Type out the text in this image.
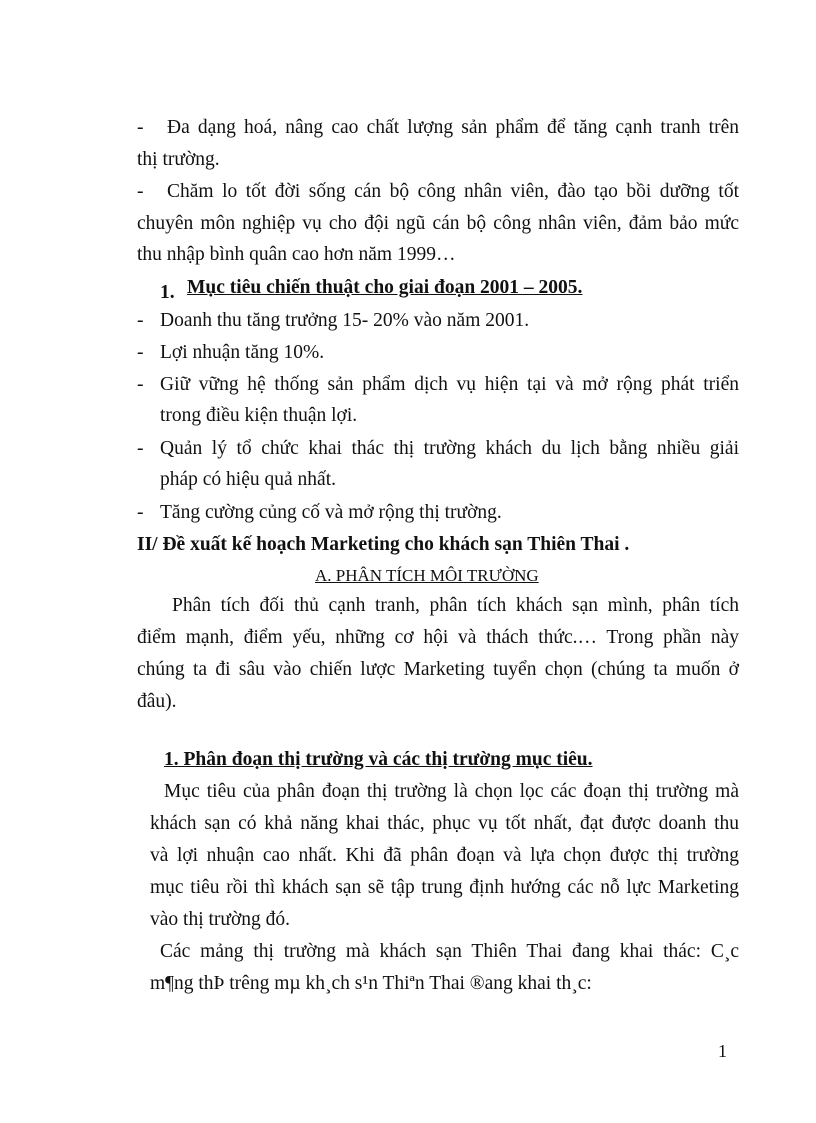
- Đa dạng hoá, nâng cao chất lượng sản phẩm để tăng cạnh tranh trên
thị trường.
- Chăm lo tốt đời sống cán bộ công nhân viên, đào tạo bồi dưỡng tốt
chuyên môn nghiệp vụ cho đội ngũ cán bộ công nhân viên, đảm bảo mức
thu nhập bình quân cao hơn năm 1999…
1. Mục tiêu chiến thuật cho giai đoạn 2001 – 2005.
- Doanh thu tăng trưởng 15- 20% vào năm 2001.
- Lợi nhuận tăng 10%.
- Giữ vững hệ thống sản phẩm dịch vụ hiện tại và mở rộng phát triển
trong điều kiện thuận lợi.
- Quản lý tổ chức khai thác thị trường khách du lịch bằng nhiều giải
pháp có hiệu quả nhất.
- Tăng cường củng cố và mở rộng thị trường.
II/ Đề xuất kế hoạch Marketing cho khách sạn Thiên Thai .
A. PHÂN TÍCH MÔI TRƯỜNG
Phân tích đối thủ cạnh tranh, phân tích khách sạn mình, phân tích
điểm mạnh, điểm yếu, những cơ hội và thách thức.… Trong phần này
chúng ta đi sâu vào chiến lược Marketing tuyển chọn (chúng ta muốn ở
đâu).
1. Phân đoạn thị trường và các thị trường mục tiêu.
Mục tiêu của phân đoạn thị trường là chọn lọc các đoạn thị trường mà
khách sạn có khả năng khai thác, phục vụ tốt nhất, đạt được doanh thu
và lợi nhuận cao nhất. Khi đã phân đoạn và lựa chọn được thị trường
mục tiêu rồi thì khách sạn sẽ tập trung định hướng các nỗ lực Marketing
vào thị trường đó.
Các mảng thị trường mà khách sạn Thiên Thai đang khai thác: C¸c
m¶ng thÞ trêng mµ kh¸ch s¹n Thiªn Thai ®ang khai th¸c:
1
